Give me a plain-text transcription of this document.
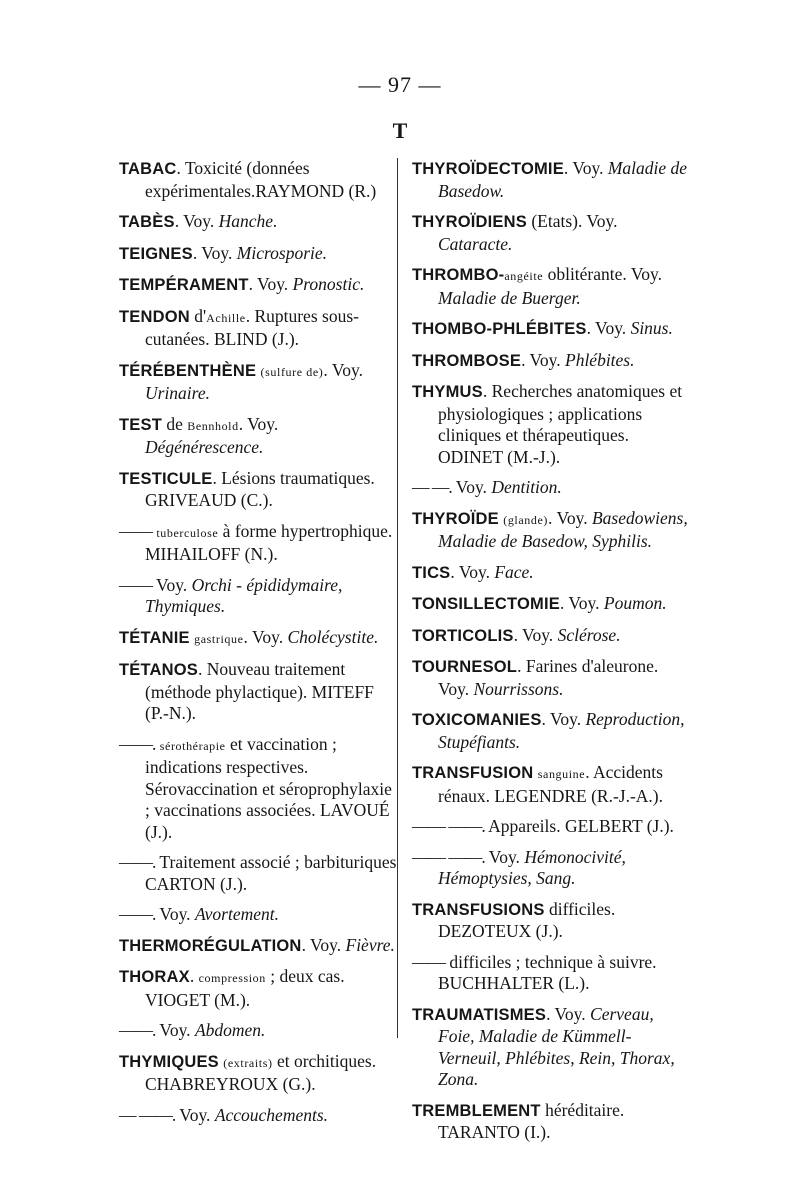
— 97 —
T

TABAC. Toxicité (données expérimentales.RAYMOND (R.)

TABÈS. Voy. Hanche.

TEIGNES. Voy. Microsporie.

TEMPÉRAMENT. Voy. Pronostic.

TENDON d'Achille. Ruptures sous-cutanées. BLIND (J.).

TÉRÉBENTHÈNE (sulfure de). Voy. Urinaire.

TEST de Bennhold. Voy. Dégénérescence.

TESTICULE. Lésions traumatiques. GRIVEAUD (C.).

—— tuberculose à forme hypertrophique. MIHAILOFF (N.).

—— Voy. Orchi - épididymaire, Thymiques.

TÉTANIE gastrique. Voy. Cholécystite.

TÉTANOS. Nouveau traitement (méthode phylactique). MITEFF (P.-N.).

——. sérothérapie et vaccination ; indications respectives. Sérovaccination et séroprophylaxie ; vaccinations associées. LAVOUÉ (J.).

——. Traitement associé ; barbituriques CARTON (J.).

——. Voy. Avortement.

THERMORÉGULATION. Voy. Fièvre.

THORAX. compression ; deux cas. VIOGET (M.).

——. Voy. Abdomen.

THYMIQUES (extraits) et orchitiques. CHABREYROUX (G.).

— ——. Voy. Accouchements.

THYROÏDECTOMIE. Voy. Maladie de Basedow.

THYROÏDIENS (Etats). Voy. Cataracte.

THROMBO-angéite oblitérante. Voy. Maladie de Buerger.

THOMBO-PHLÉBITES. Voy. Sinus.

THROMBOSE. Voy. Phlébites.

THYMUS. Recherches anatomiques et physiologiques ; applications cliniques et thérapeutiques. ODINET (M.-J.).

— —. Voy. Dentition.

THYROÏDE (glande). Voy. Basedowiens, Maladie de Basedow, Syphilis.

TICS. Voy. Face.

TONSILLECTOMIE. Voy. Poumon.

TORTICOLIS. Voy. Sclérose.

TOURNESOL. Farines d'aleurone. Voy. Nourrissons.

TOXICOMANIES. Voy. Reproduction, Stupéfiants.

TRANSFUSION sanguine. Accidents rénaux. LEGENDRE (R.-J.-A.).

—— ——. Appareils. GELBERT (J.).

—— ——. Voy. Hémonocivité, Hémoptysies, Sang.

TRANSFUSIONS difficiles. DEZOTEUX (J.).

—— difficiles ; technique à suivre. BUCHHALTER (L.).

TRAUMATISMES. Voy. Cerveau, Foie, Maladie de Kümmell-Verneuil, Phlébites, Rein, Thorax, Zona.

TREMBLEMENT héréditaire. TARANTO (I.).
